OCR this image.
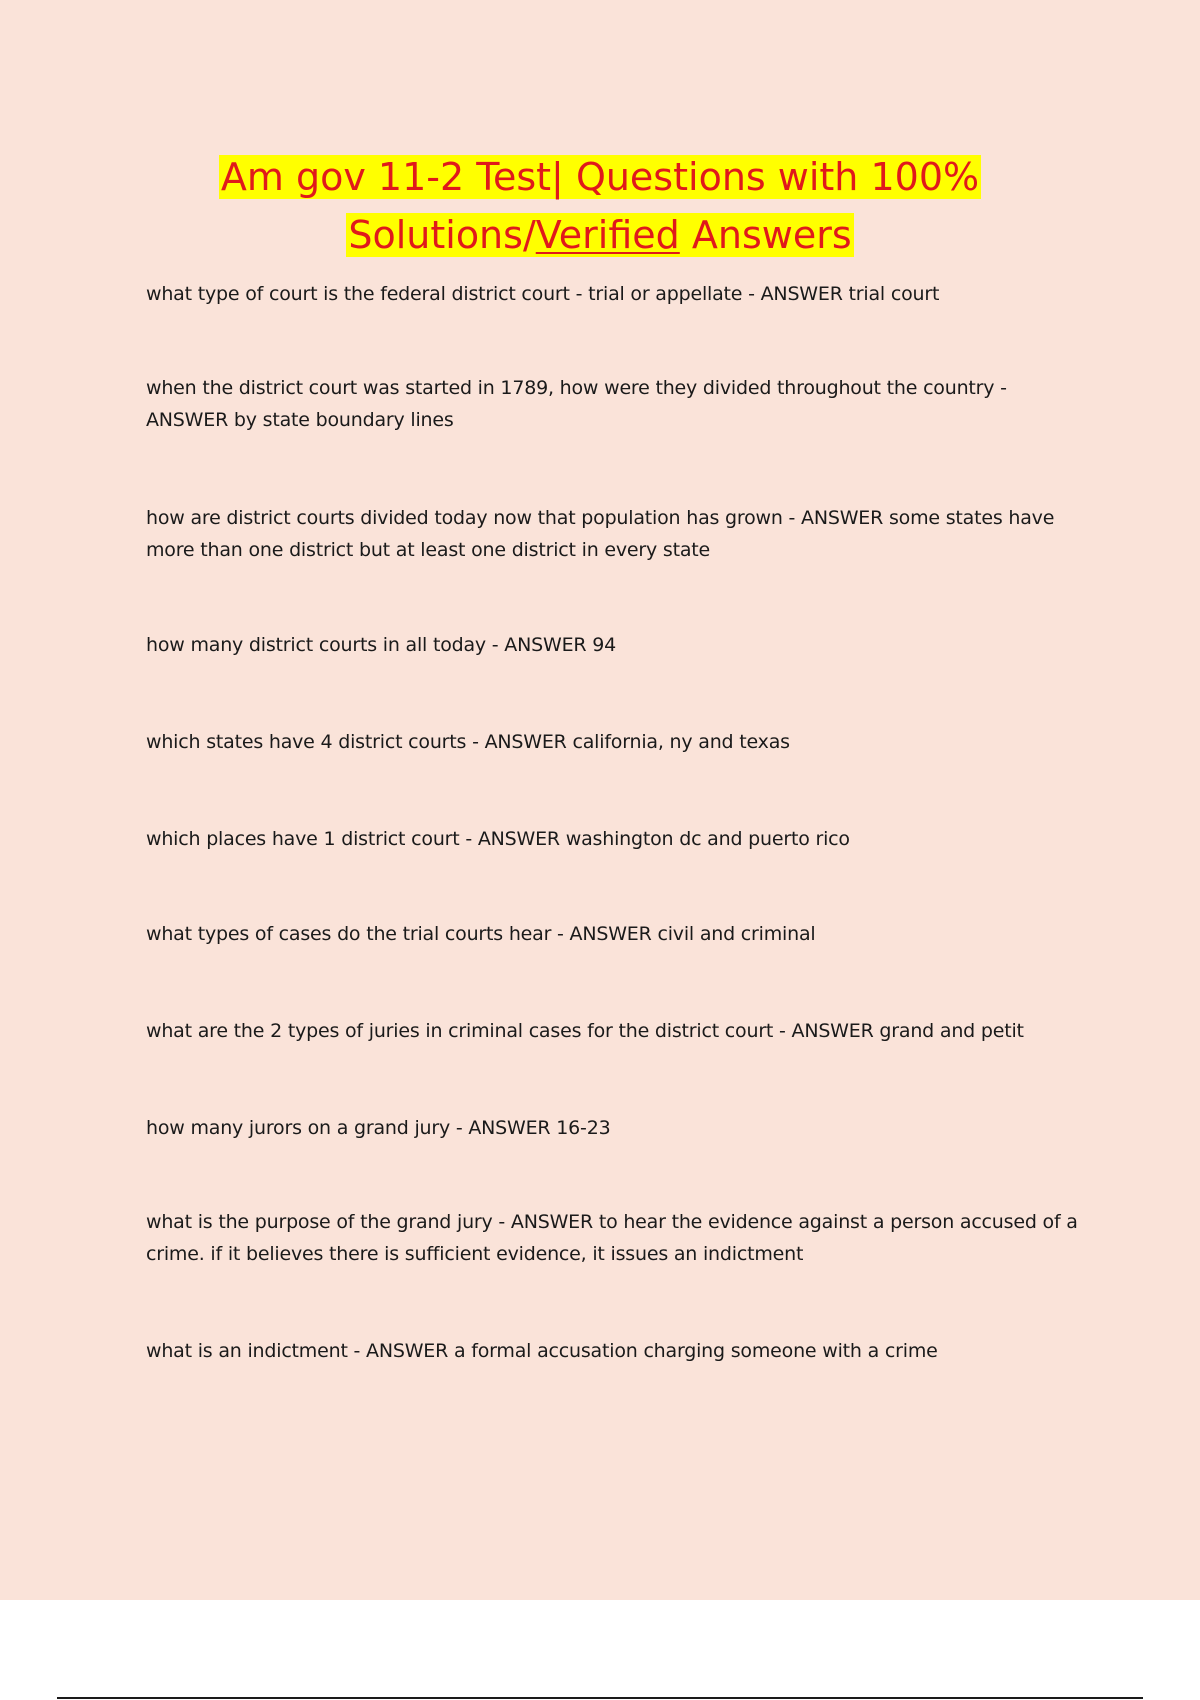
Am gov 11-2 Test| Questions with 100%
Solutions/Verified Answers

what type of court is the federal district court - trial or appellate - ANSWER trial court

when the district court was started in 1789, how were they divided throughout the country - ANSWER by state boundary lines

how are district courts divided today now that population has grown - ANSWER some states have more than one district but at least one district in every state

how many district courts in all today - ANSWER 94

which states have 4 district courts - ANSWER california, ny and texas

which places have 1 district court - ANSWER washington dc and puerto rico

what types of cases do the trial courts hear - ANSWER civil and criminal

what are the 2 types of juries in criminal cases for the district court - ANSWER grand and petit

how many jurors on a grand jury - ANSWER 16-23

what is the purpose of the grand jury - ANSWER to hear the evidence against a person accused of a crime. if it believes there is sufficient evidence, it issues an indictment

what is an indictment - ANSWER a formal accusation charging someone with a crime
